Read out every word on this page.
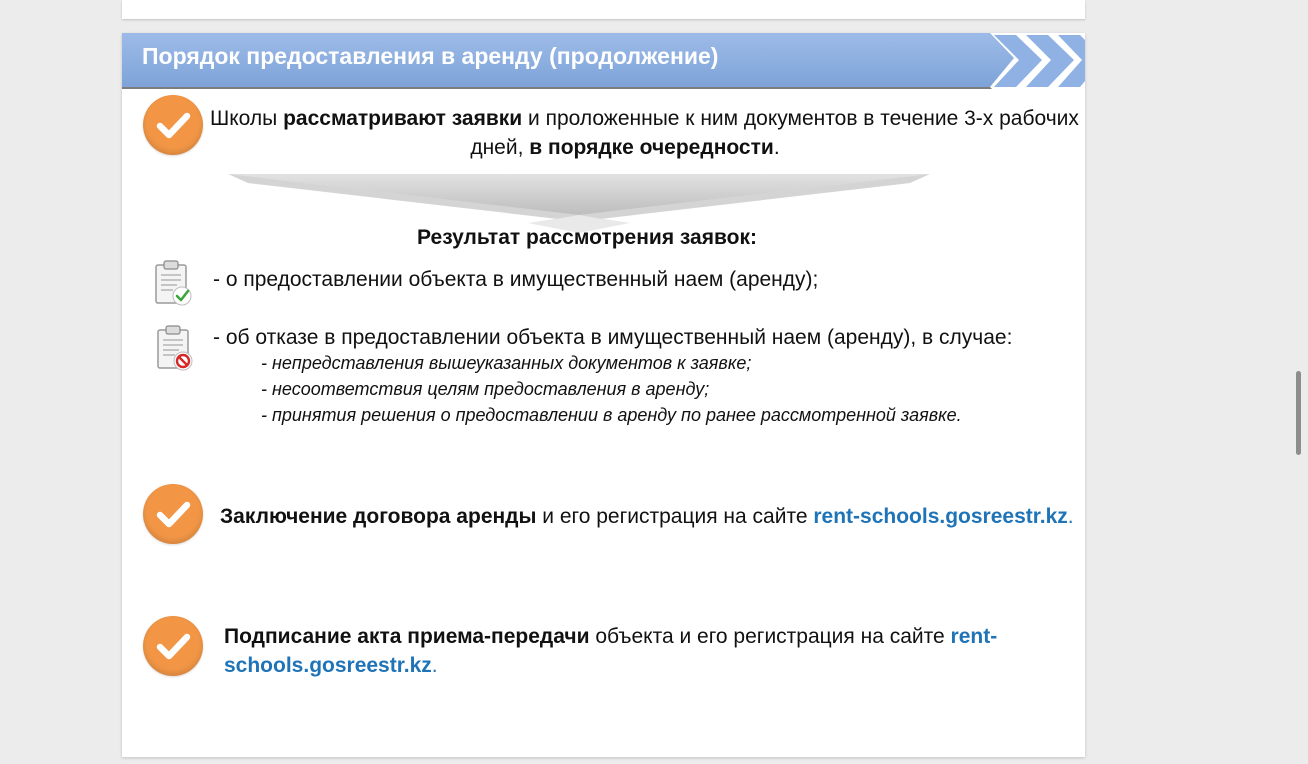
Порядок предоставления в аренду (продолжение)
Школы рассматривают заявки и проложенные к ним документов в течение 3-х рабочих
дней, в порядке очередности.
Результат рассмотрения заявок:
- о предоставлении объекта в имущественный наем (аренду);
- об отказе в предоставлении объекта в имущественный наем (аренду), в случае:
- непредставления вышеуказанных документов к заявке;
- несоответствия целям предоставления в аренду;
- принятия решения о предоставлении в аренду по ранее рассмотренной заявке.
Заключение договора аренды и его регистрация на сайте rent-schools.gosreestr.kz.
Подписание акта приема-передачи объекта и его регистрация на сайте rent-
schools.gosreestr.kz.
